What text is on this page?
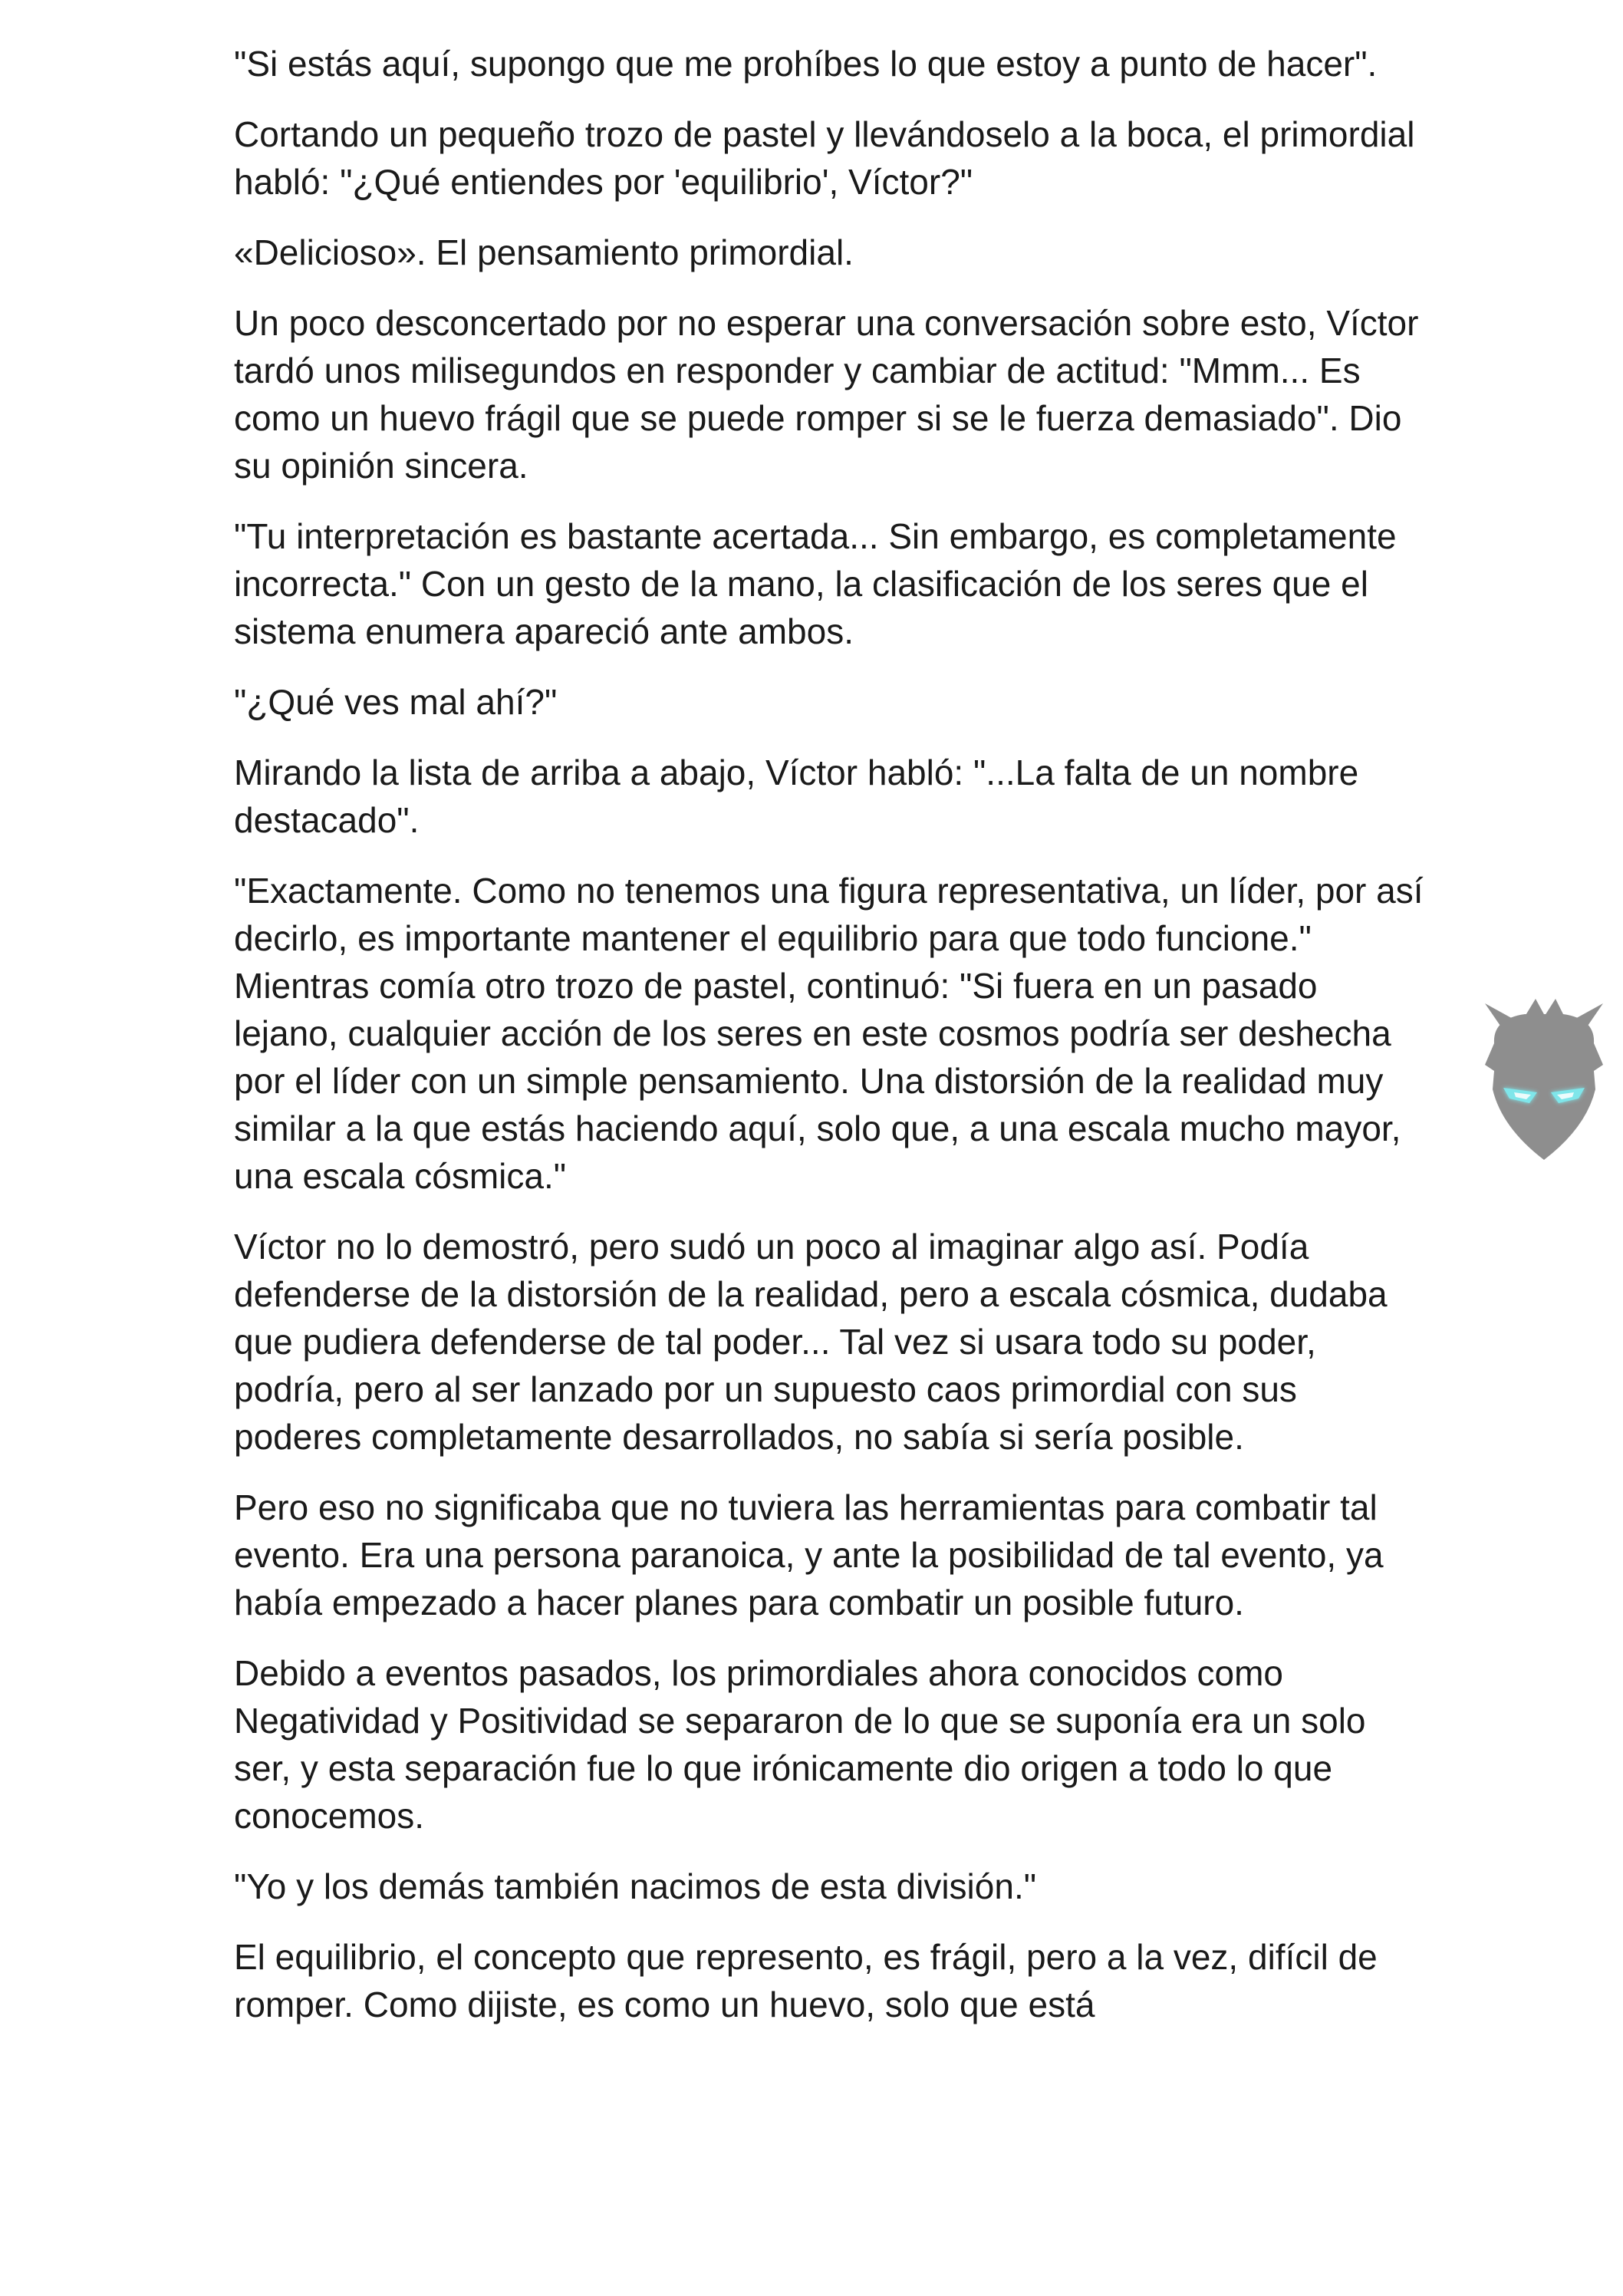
"Si estás aquí, supongo que me prohíbes lo que estoy a punto de hacer".

Cortando un pequeño trozo de pastel y llevándoselo a la boca, el primordial habló: "¿Qué entiendes por 'equilibrio', Víctor?"

«Delicioso». El pensamiento primordial.

Un poco desconcertado por no esperar una conversación sobre esto, Víctor tardó unos milisegundos en responder y cambiar de actitud: "Mmm... Es como un huevo frágil que se puede romper si se le fuerza demasiado". Dio su opinión sincera.

"Tu interpretación es bastante acertada... Sin embargo, es completamente incorrecta." Con un gesto de la mano, la clasificación de los seres que el sistema enumera apareció ante ambos.

"¿Qué ves mal ahí?"

Mirando la lista de arriba a abajo, Víctor habló: "...La falta de un nombre destacado".

"Exactamente. Como no tenemos una figura representativa, un líder, por así decirlo, es importante mantener el equilibrio para que todo funcione." Mientras comía otro trozo de pastel, continuó: "Si fuera en un pasado lejano, cualquier acción de los seres en este cosmos podría ser deshecha por el líder con un simple pensamiento. Una distorsión de la realidad muy similar a la que estás haciendo aquí, solo que, a una escala mucho mayor, una escala cósmica."

Víctor no lo demostró, pero sudó un poco al imaginar algo así. Podía defenderse de la distorsión de la realidad, pero a escala cósmica, dudaba que pudiera defenderse de tal poder... Tal vez si usara todo su poder, podría, pero al ser lanzado por un supuesto caos primordial con sus poderes completamente desarrollados, no sabía si sería posible.

Pero eso no significaba que no tuviera las herramientas para combatir tal evento. Era una persona paranoica, y ante la posibilidad de tal evento, ya había empezado a hacer planes para combatir un posible futuro.

Debido a eventos pasados, los primordiales ahora conocidos como Negatividad y Positividad se separaron de lo que se suponía era un solo ser, y esta separación fue lo que irónicamente dio origen a todo lo que conocemos.

"Yo y los demás también nacimos de esta división."

El equilibrio, el concepto que represento, es frágil, pero a la vez, difícil de romper. Como dijiste, es como un huevo, solo que está
